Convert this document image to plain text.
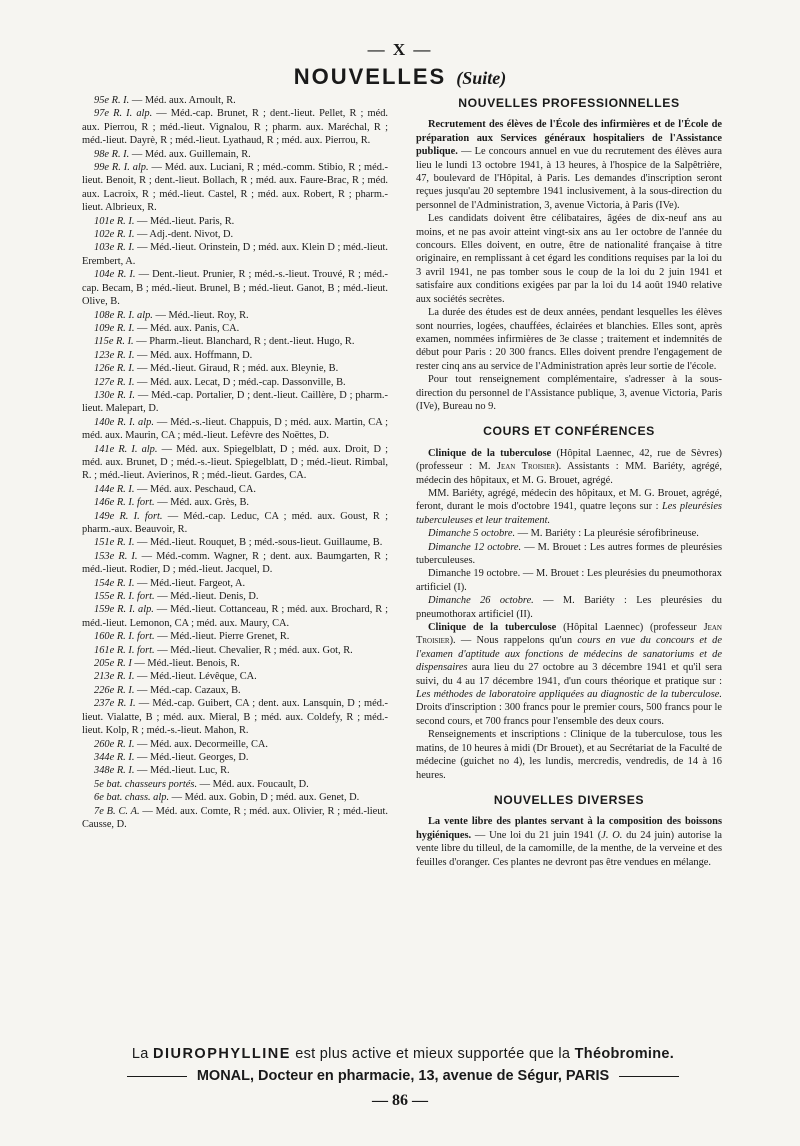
— X —
NOUVELLES (Suite)

95e R. I. — Méd. aux. Arnoult, R.

97e R. I. alp. — Méd.-cap. Brunet, R ; dent.-lieut. Pellet, R ; méd. aux. Pierrou, R ; méd.-lieut. Vignalou, R ; pharm. aux. Maréchal, R ; méd.-lieut. Dayrè, R ; méd.-lieut. Lyathaud, R ; méd. aux. Pierrou, R.

98e R. I. — Méd. aux. Guillemain, R.

99e R. I. alp. — Méd. aux. Luciani, R ; méd.-comm. Stibio, R ; méd.-lieut. Benoit, R ; dent.-lieut. Bollach, R ; méd. aux. Faure-Brac, R ; méd. aux. Lacroix, R ; méd.-lieut. Castel, R ; méd. aux. Robert, R ; pharm.-lieut. Albrieux, R.

101e R. I. — Méd.-lieut. Paris, R.

102e R. I. — Adj.-dent. Nivot, D.

103e R. I. — Méd.-lieut. Orinstein, D ; méd. aux. Klein D ; méd.-lieut. Erembert, A.

104e R. I. — Dent.-lieut. Prunier, R ; méd.-s.-lieut. Trouvé, R ; méd.-cap. Becam, B ; méd.-lieut. Brunel, B ; méd.-lieut. Ganot, B ; méd.-lieut. Olive, B.

108e R. I. alp. — Méd.-lieut. Roy, R.

109e R. I. — Méd. aux. Panis, CA.

115e R. I. — Pharm.-lieut. Blanchard, R ; dent.-lieut. Hugo, R.

123e R. I. — Méd. aux. Hoffmann, D.

126e R. I. — Méd.-lieut. Giraud, R ; méd. aux. Bleynie, B.

127e R. I. — Méd. aux. Lecat, D ; méd.-cap. Dassonville, B.

130e R. I. — Méd.-cap. Portalier, D ; dent.-lieut. Caillère, D ; pharm.-lieut. Malepart, D.

140e R. I. alp. — Méd.-s.-lieut. Chappuis, D ; méd. aux. Martin, CA ; méd. aux. Maurin, CA ; méd.-lieut. Lefèvre des Noëttes, D.

141e R. I. alp. — Méd. aux. Spiegelblatt, D ; méd. aux. Droit, D ; méd. aux. Brunet, D ; méd.-s.-lieut. Spiegelblatt, D ; méd.-lieut. Rimbal, R. ; méd.-lieut. Avierinos, R ; méd.-lieut. Gardes, CA.

144e R. I. — Méd. aux. Peschaud, CA.

146e R. I. fort. — Méd. aux. Grès, B.

149e R. I. fort. — Méd.-cap. Leduc, CA ; méd. aux. Goust, R ; pharm.-aux. Beauvoir, R.

151e R. I. — Méd.-lieut. Rouquet, B ; méd.-sous-lieut. Guillaume, B.

153e R. I. — Méd.-comm. Wagner, R ; dent. aux. Baumgarten, R ; méd.-lieut. Rodier, D ; méd.-lieut. Jacquel, D.

154e R. I. — Méd.-lieut. Fargeot, A.

155e R. I. fort. — Méd.-lieut. Denis, D.

159e R. I. alp. — Méd.-lieut. Cottanceau, R ; méd. aux. Brochard, R ; méd.-lieut. Lemonon, CA ; méd. aux. Maury, CA.

160e R. I. fort. — Méd.-lieut. Pierre Grenet, R.

161e R. I. fort. — Méd.-lieut. Chevalier, R ; méd. aux. Got, R.

205e R. I — Méd.-lieut. Benois, R.

213e R. I. — Méd.-lieut. Lévêque, CA.

226e R. I. — Méd.-cap. Cazaux, B.

237e R. I. — Méd.-cap. Guibert, CA ; dent. aux. Lansquin, D ; méd.-lieut. Vialatte, B ; méd. aux. Mieral, B ; méd. aux. Coldefy, R ; méd.-lieut. Kolp, R ; méd.-s.-lieut. Mahon, R.

260e R. I. — Méd. aux. Decormeille, CA.

344e R. I. — Méd.-lieut. Georges, D.

348e R. I. — Méd.-lieut. Luc, R.

5e bat. chasseurs portés. — Méd. aux. Foucault, D.

6e bat. chass. alp. — Méd. aux. Gobin, D ; méd. aux. Genet, D.

7e B. C. A. — Méd. aux. Comte, R ; méd. aux. Olivier, R ; méd.-lieut. Causse, D.

NOUVELLES PROFESSIONNELLES

Recrutement des élèves de l'École des infirmières et de l'École de préparation aux Services généraux hospitaliers de l'Assistance publique. — Le concours annuel en vue du recrutement des élèves aura lieu le lundi 13 octobre 1941, à 13 heures, à l'hospice de la Salpêtrière, 47, boulevard de l'Hôpital, à Paris. Les demandes d'inscription seront reçues jusqu'au 20 septembre 1941 inclusivement, à la sous-direction du personnel de l'Administration, 3, avenue Victoria, à Paris (IVe).

Les candidats doivent être célibataires, âgées de dix-neuf ans au moins, et ne pas avoir atteint vingt-six ans au 1er octobre de l'année du concours. Elles doivent, en outre, être de nationalité française à titre originaire, en remplissant à cet égard les conditions requises par la loi du 3 avril 1941, ne pas tomber sous le coup de la loi du 2 juin 1941 et satisfaire aux conditions exigées par par la loi du 14 août 1940 relative aux sociétés secrètes.

La durée des études est de deux années, pendant lesquelles les élèves sont nourries, logées, chauffées, éclairées et blanchies. Elles sont, après examen, nommées infirmières de 3e classe ; traitement et indemnités de début pour Paris : 20 300 francs. Elles doivent prendre l'engagement de rester cinq ans au service de l'Administration après leur sortie de l'école.

Pour tout renseignement complémentaire, s'adresser à la sous-direction du personnel de l'Assistance publique, 3, avenue Victoria, Paris (IVe), Bureau no 9.

COURS ET CONFÉRENCES

Clinique de la tuberculose (Hôpital Laennec, 42, rue de Sèvres) (professeur : M. Jean Troisier). Assistants : MM. Bariéty, agrégé, médecin des hôpitaux, et M. G. Brouet, agrégé.

MM. Bariéty, agrégé, médecin des hôpitaux, et M. G. Brouet, agrégé, feront, durant le mois d'octobre 1941, quatre leçons sur : Les pleurésies tuberculeuses et leur traitement.

Dimanche 5 octobre. — M. Bariéty : La pleurésie sérofibrineuse.

Dimanche 12 octobre. — M. Brouet : Les autres formes de pleurésies tuberculeuses.

Dimanche 19 octobre. — M. Brouet : Les pleurésies du pneumothorax artificiel (I).

Dimanche 26 octobre. — M. Bariéty : Les pleurésies du pneumothorax artificiel (II).

Clinique de la tuberculose (Hôpital Laennec) (professeur Jean Troisier). — Nous rappelons qu'un cours en vue du concours et de l'examen d'aptitude aux fonctions de médecins de sanatoriums et de dispensaires aura lieu du 27 octobre au 3 décembre 1941 et qu'il sera suivi, du 4 au 17 décembre 1941, d'un cours théorique et pratique sur : Les méthodes de laboratoire appliquées au diagnostic de la tuberculose. Droits d'inscription : 300 francs pour le premier cours, 500 francs pour le second cours, et 700 francs pour l'ensemble des deux cours.

Renseignements et inscriptions : Clinique de la tuberculose, tous les matins, de 10 heures à midi (Dr Brouet), et au Secrétariat de la Faculté de médecine (guichet no 4), les lundis, mercredis, vendredis, de 14 à 16 heures.

NOUVELLES DIVERSES

La vente libre des plantes servant à la composition des boissons hygiéniques. — Une loi du 21 juin 1941 (J. O. du 24 juin) autorise la vente libre du tilleul, de la camomille, de la menthe, de la verveine et des feuilles d'oranger. Ces plantes ne devront pas être vendues en mélange.

La DIUROPHYLLINE est plus active et mieux supportée que la Théobromine.
MONAL, Docteur en pharmacie, 13, avenue de Ségur, PARIS
— 86 —
